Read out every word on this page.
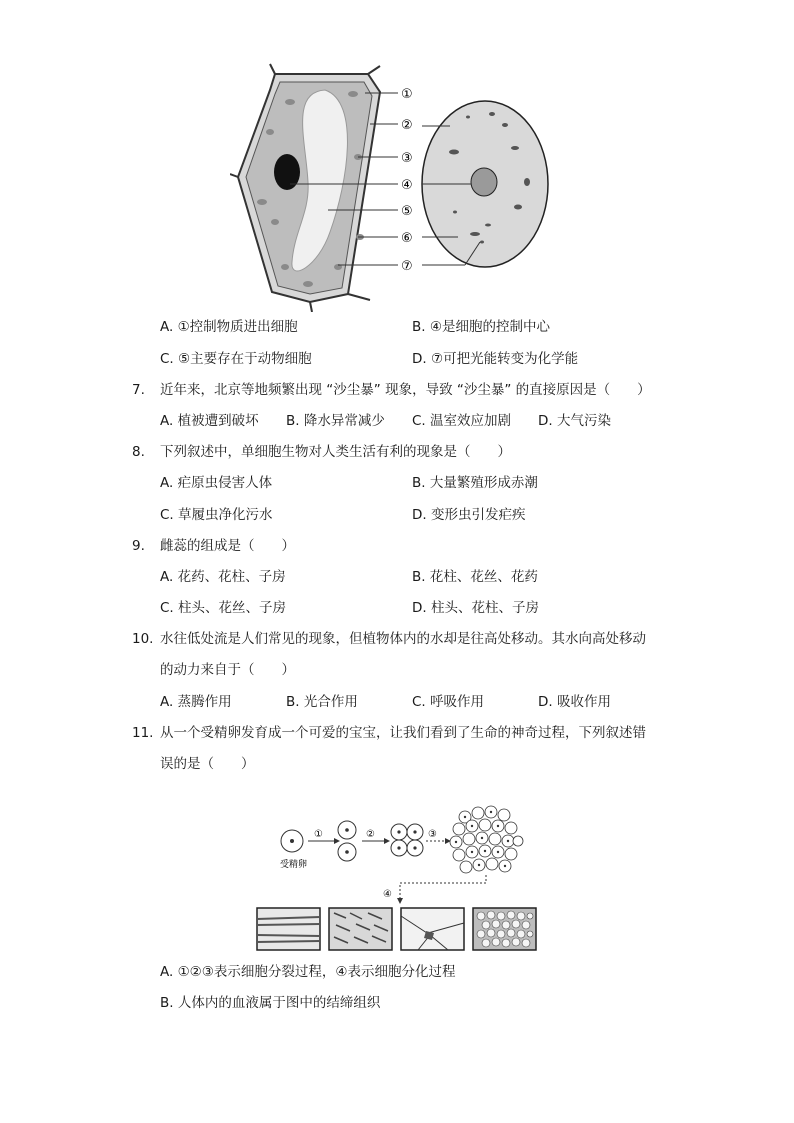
①
②
③
④
⑤
⑥
⑦
A. ①控制物质进出细胞	B. ④是细胞的控制中心
C. ⑤主要存在于动物细胞	D. ⑦可把光能转变为化学能
7. 近年来，北京等地频繁出现 “沙尘暴” 现象，导致 “沙尘暴” 的直接原因是（　　）
A. 植被遭到破坏 B. 降水异常减少 C. 温室效应加剧 D. 大气污染
8. 下列叙述中，单细胞生物对人类生活有利的现象是（　　）
A. 疟原虫侵害人体	B. 大量繁殖形成赤潮
C. 草履虫净化污水	D. 变形虫引发疟疾
9. 雌蕊的组成是（　　）
A. 花药、花柱、子房	B. 花柱、花丝、花药
C. 柱头、花丝、子房	D. 柱头、花柱、子房
10. 水往低处流是人们常见的现象，但植物体内的水却是往高处移动。其水向高处移动
的动力来自于（　　）
A. 蒸腾作用	B. 光合作用	C. 呼吸作用	D. 吸收作用
11. 从一个受精卵发育成一个可爱的宝宝，让我们看到了生命的神奇过程，下列叙述错
误的是（　　）
受精卵
①	②	③
④
A. ①②③表示细胞分裂过程，④表示细胞分化过程
B. 人体内的血液属于图中的结缔组织
